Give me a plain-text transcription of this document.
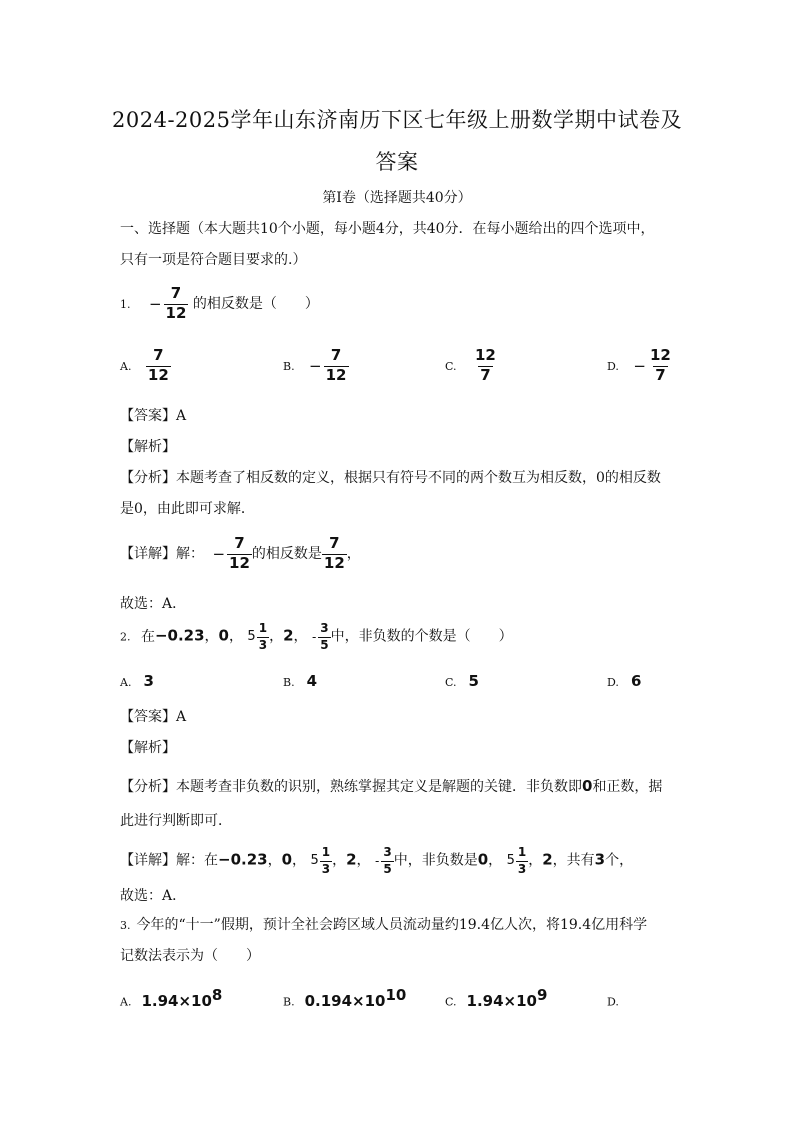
2024-2025学年山东济南历下区七年级上册数学期中试卷及
答案
第Ⅰ卷（选择题共40分）
一、选择题（本大题共10个小题，每小题4分，共40分．在每小题给出的四个选项中，
只有一项是符合题目要求的.）
1. − $\frac{7}{12}$ 的相反数是（　　）
A. $\frac{7}{12}$	B. − $\frac{7}{12}$	C. $\frac{12}{7}$	D. − $\frac{12}{7}$
【答案】A
【解析】
【分析】本题考查了相反数的定义，根据只有符号不同的两个数互为相反数，0的相反数
是0，由此即可求解．
【详解】解： − $\frac{7}{12}$ 的相反数是 $\frac{7}{12}$ ，
故选：A．
2. 在−0.23，0， $5 \frac{1}{3}$ ，2， - $\frac{3}{5}$ 中，非负数的个数是（　　）
A. 3	B. 4	C. 5	D. 6
【答案】A
【解析】
【分析】本题考查非负数的识别，熟练掌握其定义是解题的关键．非负数即0和正数，据
此进行判断即可．
【详解】解：在−0.23，0， $5 \frac{1}{3}$ ，2， - $\frac{3}{5}$ 中，非负数是0， $5 \frac{1}{3}$ ，2，共有3个，
故选：A．
3. 今年的“十一”假期，预计全社会跨区域人员流动量约19.4亿人次，将19.4亿用科学
记数法表示为（　　）
A. $1.94\times 10^8$	B. $0.194\times 10^{10}$	C. $1.94\times 10^9$	D.
